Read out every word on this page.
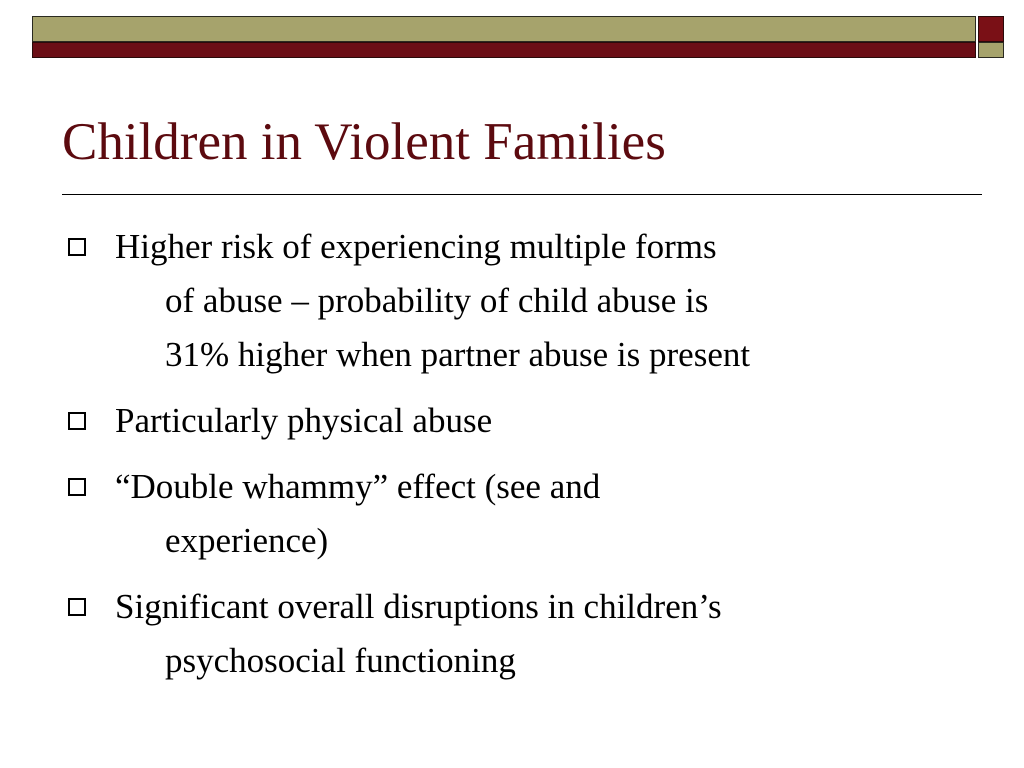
Children in Violent Families
Higher risk of experiencing multiple forms
of abuse – probability of child abuse is
31% higher when partner abuse is present
Particularly physical abuse
“Double whammy” effect (see and
experience)
Significant overall disruptions in children’s
psychosocial functioning
